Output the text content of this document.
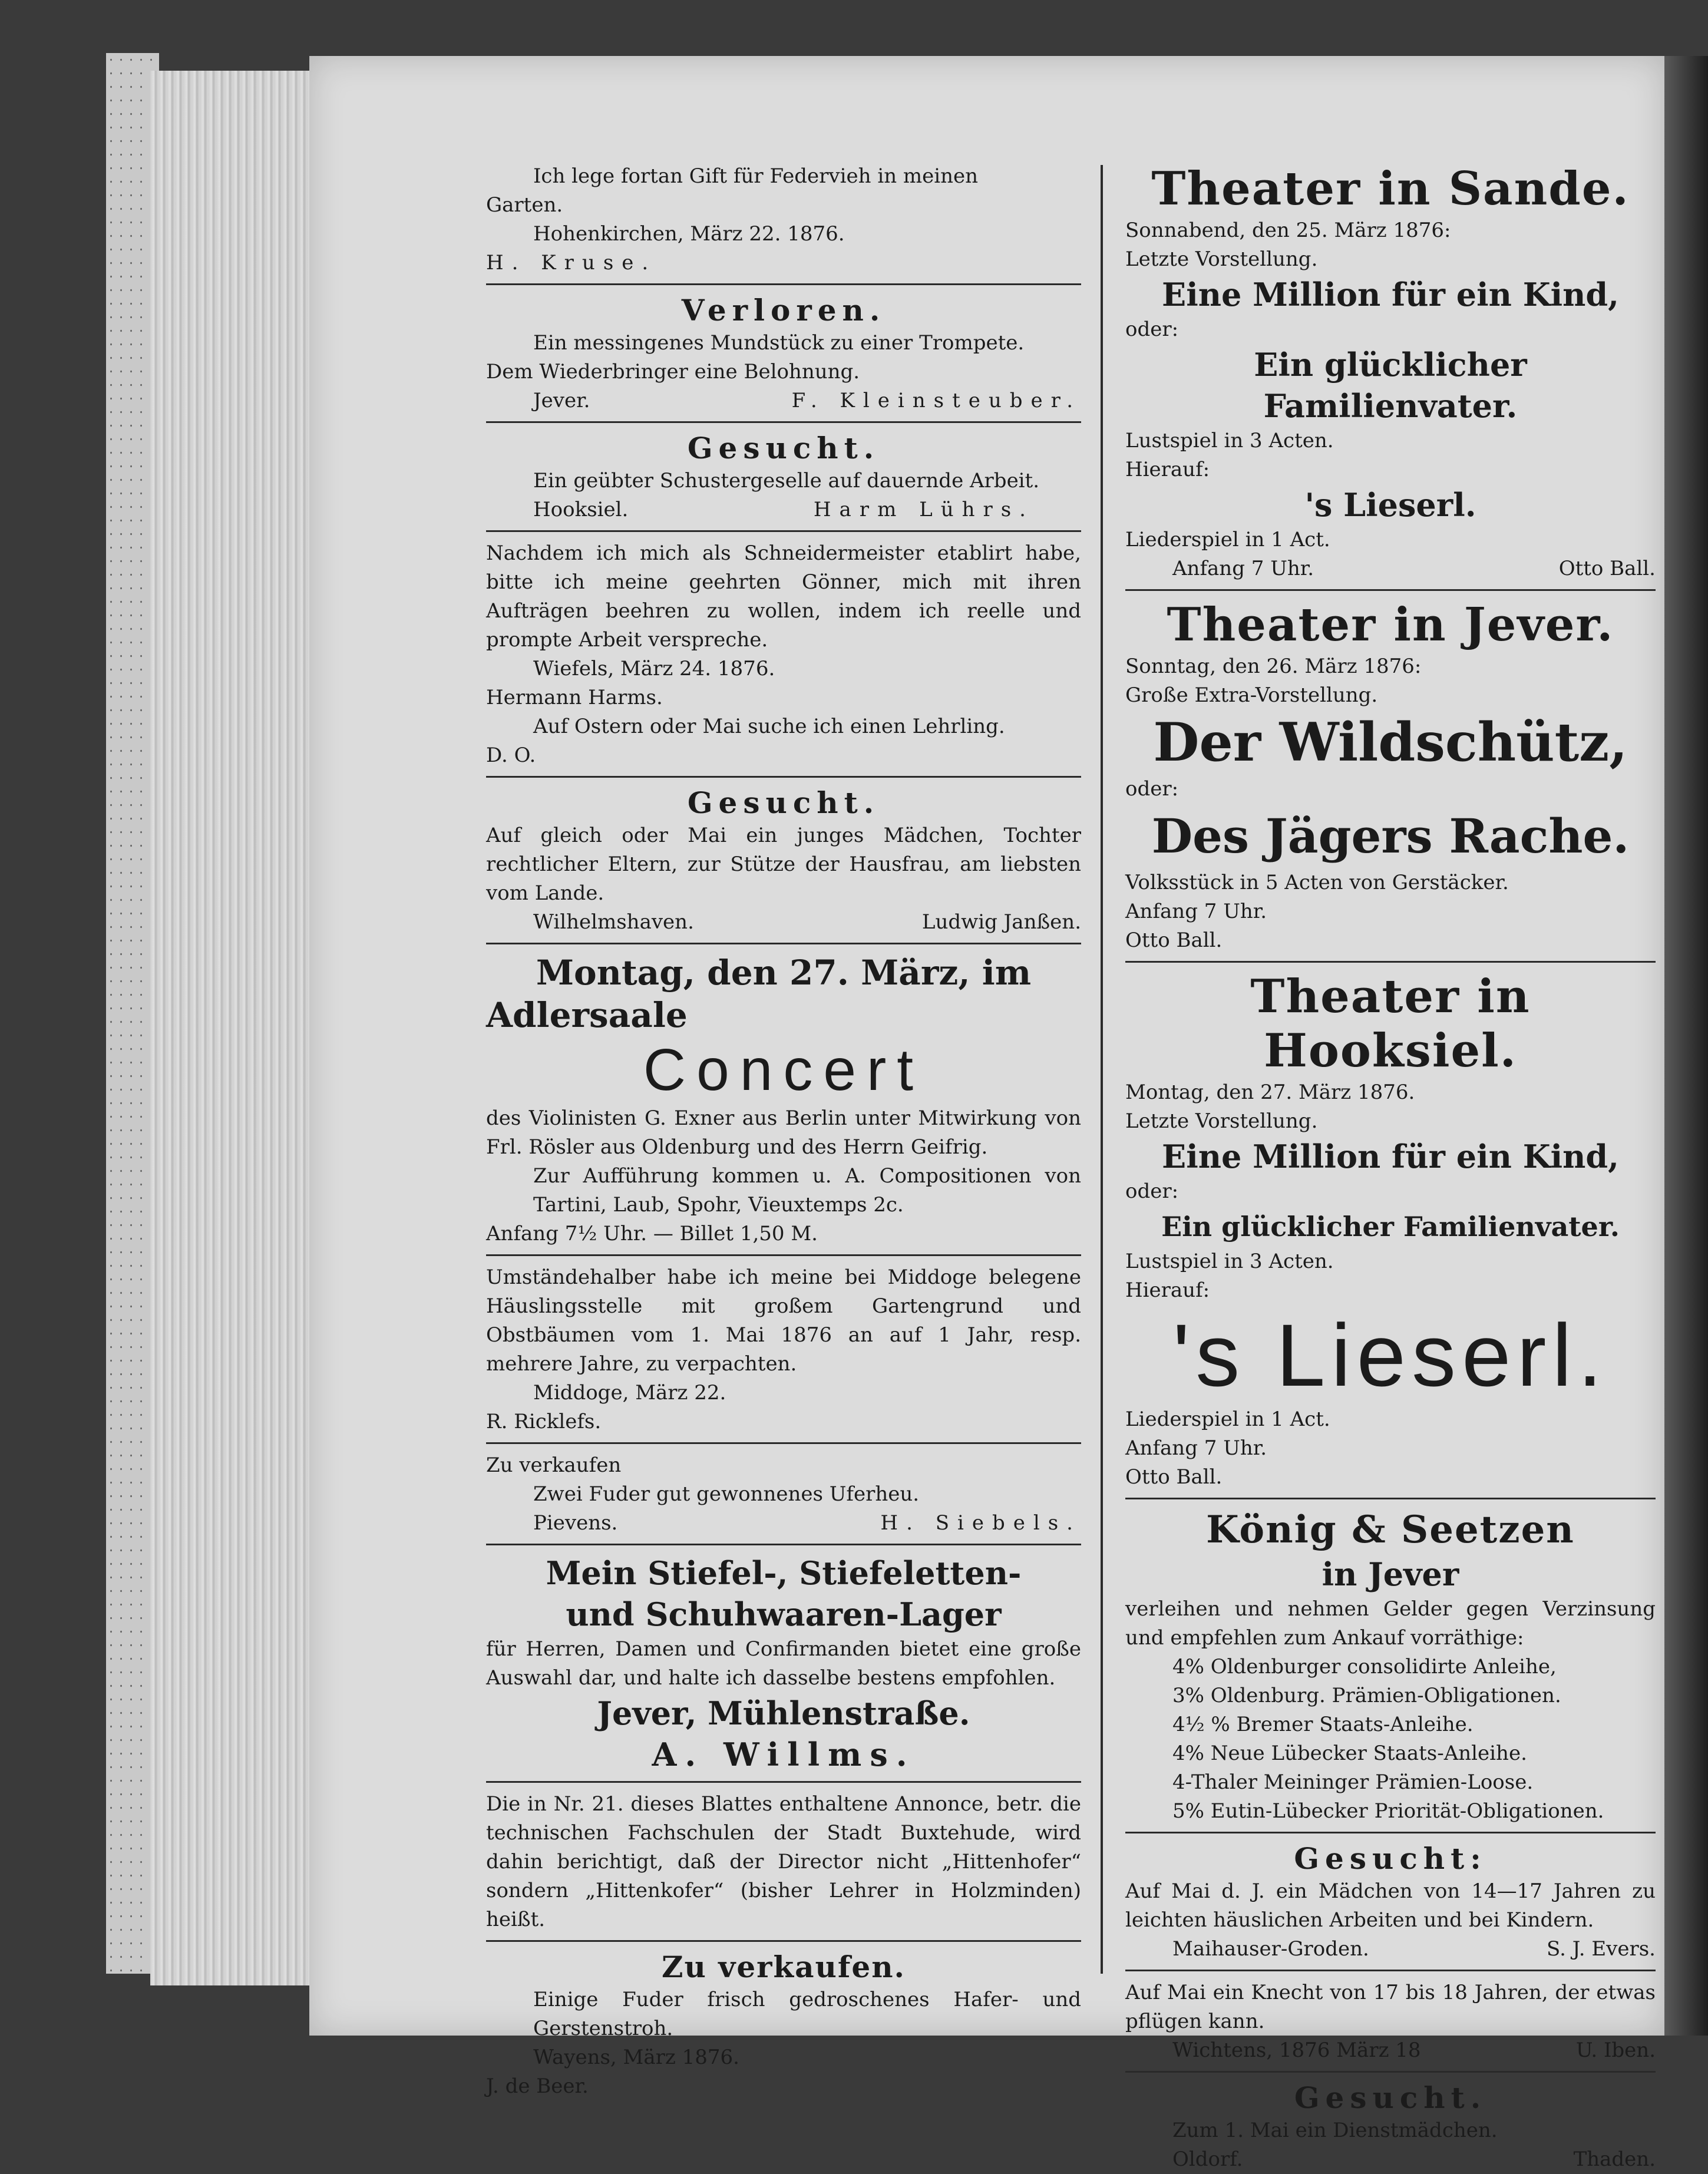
Ich lege fortan Gift für Federvieh in meinen

Garten.

Hohenkirchen, März 22. 1876.

H. Kruse.

Verloren.

Ein messingenes Mundstück zu einer Trompete.

Dem Wiederbringer eine Belohnung.

Jever.	F. Kleinsteuber.
Gesucht.

Ein geübter Schustergeselle auf dauernde Arbeit.

Hooksiel.	Harm Lührs.

Nachdem ich mich als Schneidermeister etablirt habe, bitte ich meine geehrten Gönner, mich mit ihren Aufträgen beehren zu wollen, indem ich reelle und prompte Arbeit verspreche.

Wiefels, März 24. 1876.

Hermann Harms.

Auf Ostern oder Mai suche ich einen Lehrling.

D. O.

Gesucht.

Auf gleich oder Mai ein junges Mädchen, Tochter rechtlicher Eltern, zur Stütze der Hausfrau, am liebsten vom Lande.

Wilhelmshaven.	Ludwig Janßen.
Montag, den 27. März, im
Adlersaale
Concert

des Violinisten G. Exner aus Berlin unter Mitwirkung von Frl. Rösler aus Oldenburg und des Herrn Geifrig.

Zur Aufführung kommen u. A. Compositionen von Tartini, Laub, Spohr, Vieuxtemps 2c.

Anfang 7½ Uhr. — Billet 1,50 M.

Umständehalber habe ich meine bei Middoge belegene Häuslingsstelle mit großem Gartengrund und Obstbäumen vom 1. Mai 1876 an auf 1 Jahr, resp. mehrere Jahre, zu verpachten.

Middoge, März 22.

R. Ricklefs.

Zu verkaufen

Zwei Fuder gut gewonnenes Uferheu.

Pievens.	H. Siebels.
Mein Stiefel-, Stiefeletten-
und Schuhwaaren-Lager

für Herren, Damen und Confirmanden bietet eine große Auswahl dar, und halte ich dasselbe bestens empfohlen.

Jever, Mühlenstraße.
A. Willms.

Die in Nr. 21. dieses Blattes enthaltene Annonce, betr. die technischen Fachschulen der Stadt Buxtehude, wird dahin berichtigt, daß der Director nicht „Hittenhofer“ sondern „Hittenkofer“ (bisher Lehrer in Holzminden) heißt.

Zu verkaufen.

Einige Fuder frisch gedroschenes Hafer- und Gerstenstroh.

Wayens, März 1876.

J. de Beer.

Theater in Sande.

Sonnabend, den 25. März 1876:

Letzte Vorstellung.

Eine Million für ein Kind,

oder:

Ein glücklicher Familienvater.

Lustspiel in 3 Acten.

Hierauf:

's Lieserl.

Liederspiel in 1 Act.

Anfang 7 Uhr.	Otto Ball.
Theater in Jever.

Sonntag, den 26. März 1876:

Große Extra-Vorstellung.

Der Wildschütz,

oder:

Des Jägers Rache.

Volksstück in 5 Acten von Gerstäcker.

Anfang 7 Uhr.

Otto Ball.

Theater in Hooksiel.

Montag, den 27. März 1876.

Letzte Vorstellung.

Eine Million für ein Kind,

oder:

Ein glücklicher Familienvater.

Lustspiel in 3 Acten.

Hierauf:

's Lieserl.

Liederspiel in 1 Act.

Anfang 7 Uhr.

Otto Ball.

König & Seetzen
in Jever

verleihen und nehmen Gelder gegen Verzinsung und empfehlen zum Ankauf vorräthige:

4% Oldenburger consolidirte Anleihe,

3% Oldenburg. Prämien-Obligationen.

4½ % Bremer Staats-Anleihe.

4% Neue Lübecker Staats-Anleihe.

4-Thaler Meininger Prämien-Loose.

5% Eutin-Lübecker Priorität-Obligationen.

Gesucht:

Auf Mai d. J. ein Mädchen von 14—17 Jahren zu leichten häuslichen Arbeiten und bei Kindern.

Maihauser-Groden.	S. J. Evers.

Auf Mai ein Knecht von 17 bis 18 Jahren, der etwas pflügen kann.

Wichtens, 1876 März 18	U. Iben.
Gesucht.

Zum 1. Mai ein Dienstmädchen.

Oldorf.	Thaden.
